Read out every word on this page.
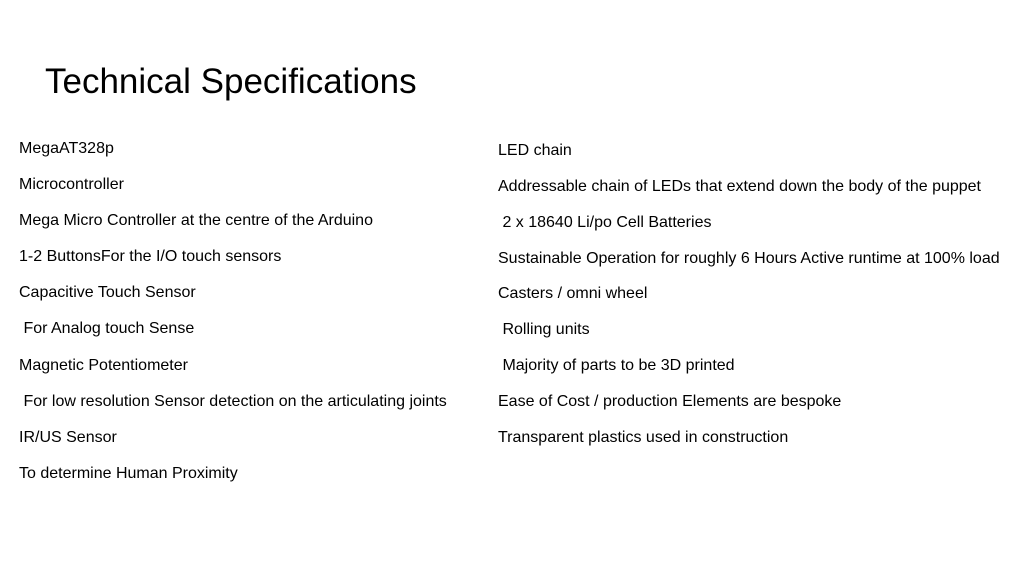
Technical Specifications
MegaAT328p
Microcontroller
Mega Micro Controller at the centre of the Arduino
1-2 ButtonsFor the I/O touch sensors
Capacitive Touch Sensor
For Analog touch Sense
Magnetic Potentiometer
For low resolution Sensor detection on the articulating joints
IR/US Sensor
To determine Human Proximity
LED chain
Addressable chain of LEDs that extend down the body of the puppet
2 x 18640 Li/po Cell Batteries
Sustainable Operation for roughly 6 Hours Active runtime at 100% load
Casters / omni wheel
Rolling units
Majority of parts to be 3D printed
Ease of Cost / production Elements are bespoke
Transparent plastics used in construction
